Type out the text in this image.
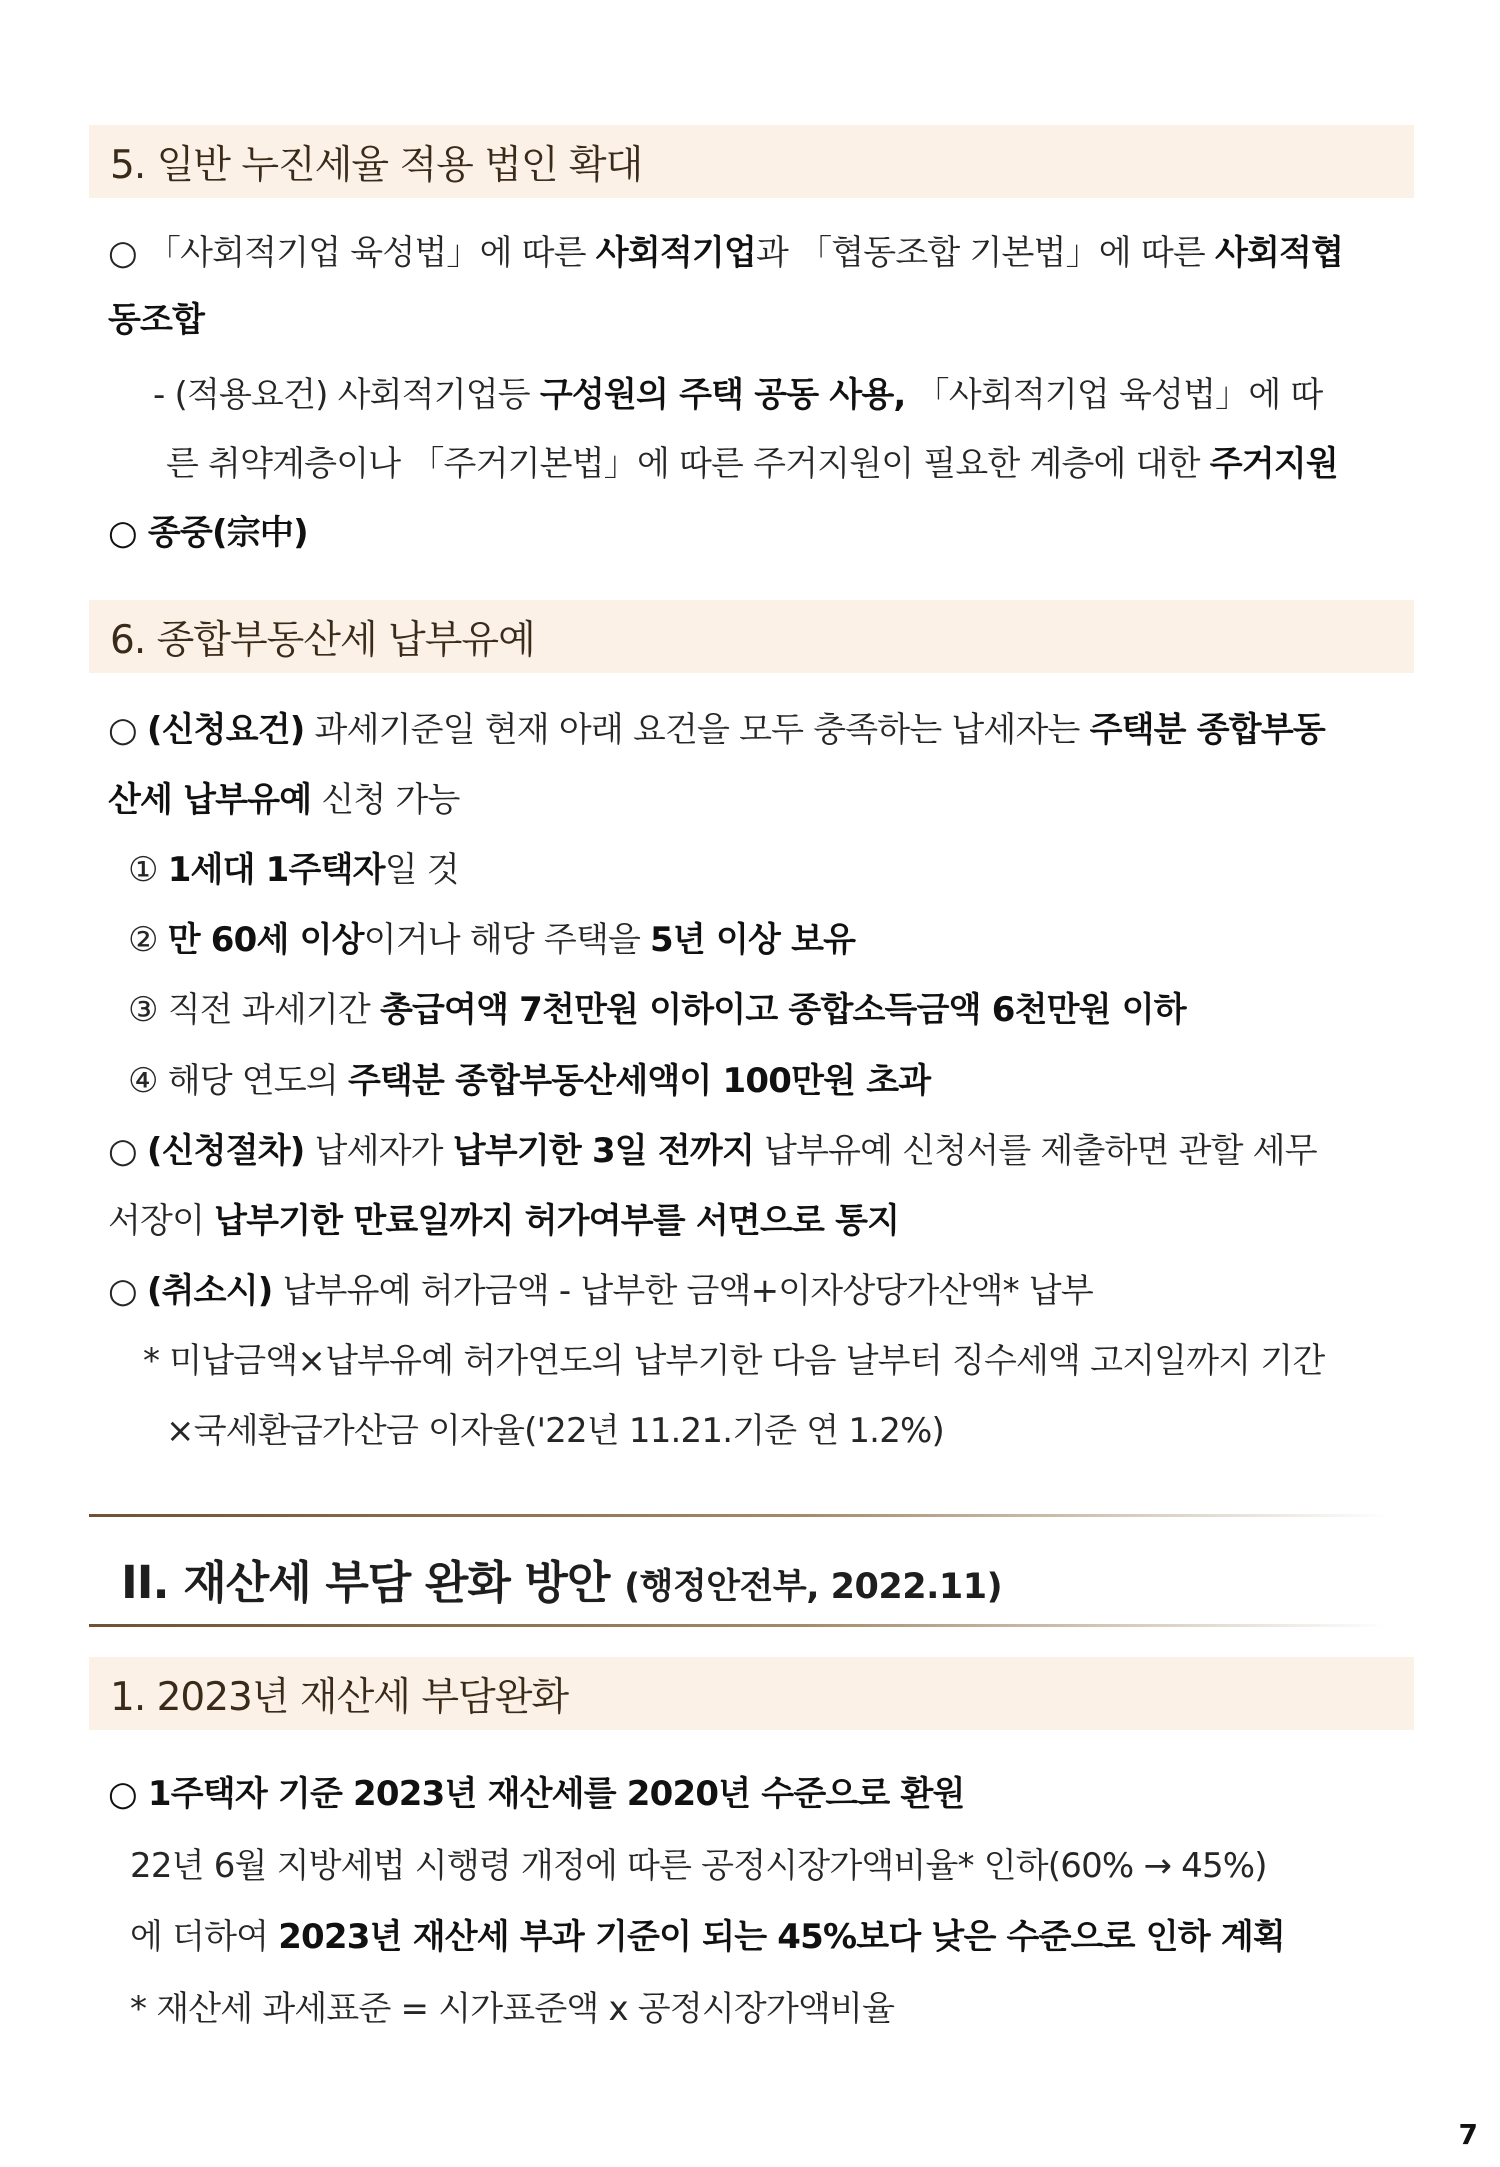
5. 일반 누진세율 적용 법인 확대
○ 「사회적기업 육성법」에 따른 사회적기업과 「협동조합 기본법」에 따른 사회적협
동조합
- (적용요건) 사회적기업등 구성원의 주택 공동 사용, 「사회적기업 육성법」에 따
른 취약계층이나 「주거기본법」에 따른 주거지원이 필요한 계층에 대한 주거지원
○ 종중(宗中)
6. 종합부동산세 납부유예
○ (신청요건) 과세기준일 현재 아래 요건을 모두 충족하는 납세자는 주택분 종합부동
산세 납부유예 신청 가능
① 1세대 1주택자일 것
② 만 60세 이상이거나 해당 주택을 5년 이상 보유
③ 직전 과세기간 총급여액 7천만원 이하이고 종합소득금액 6천만원 이하
④ 해당 연도의 주택분 종합부동산세액이 100만원 초과
○ (신청절차) 납세자가 납부기한 3일 전까지 납부유예 신청서를 제출하면 관할 세무
서장이 납부기한 만료일까지 허가여부를 서면으로 통지
○ (취소시) 납부유예 허가금액 - 납부한 금액+이자상당가산액* 납부
* 미납금액×납부유예 허가연도의 납부기한 다음 날부터 징수세액 고지일까지 기간
×국세환급가산금 이자율('22년 11.21.기준 연 1.2%)
II. 재산세 부담 완화 방안 (행정안전부, 2022.11)
1. 2023년 재산세 부담완화
○ 1주택자 기준 2023년 재산세를 2020년 수준으로 환원
22년 6월 지방세법 시행령 개정에 따른 공정시장가액비율* 인하(60% → 45%)
에 더하여 2023년 재산세 부과 기준이 되는 45%보다 낮은 수준으로 인하 계획
* 재산세 과세표준 = 시가표준액 x 공정시장가액비율
7
